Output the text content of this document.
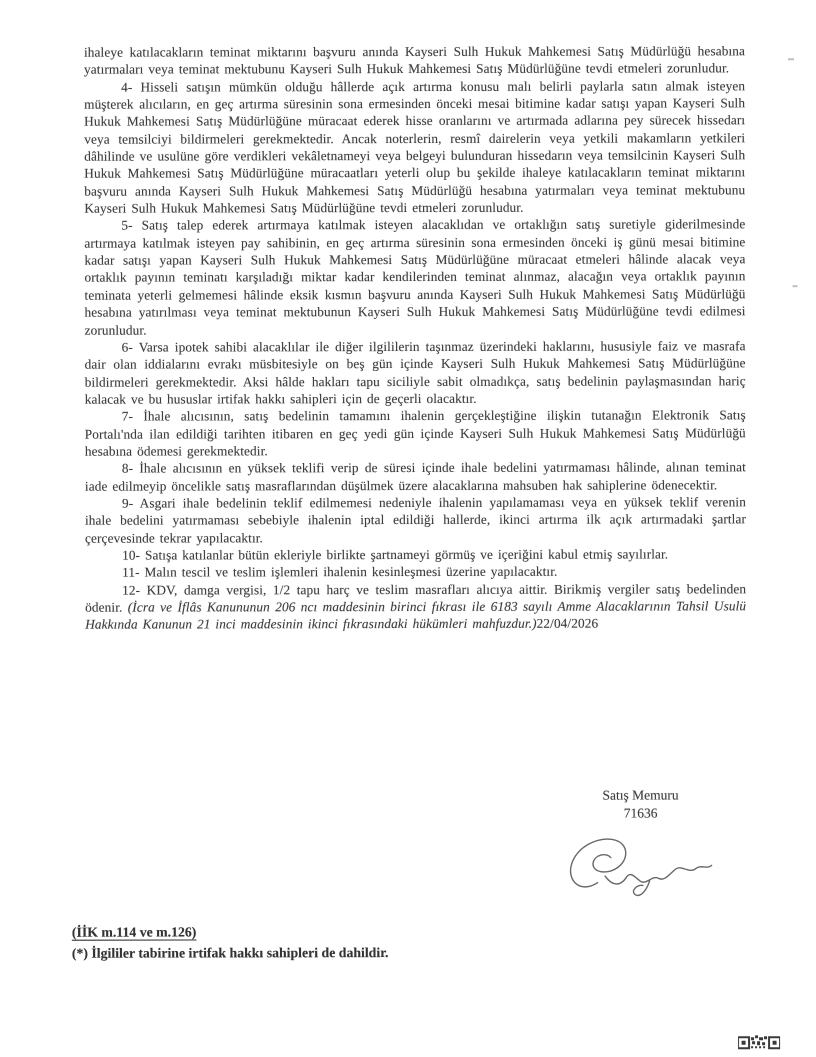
ihaleye katılacakların teminat miktarını başvuru anında Kayseri Sulh Hukuk Mahkemesi Satış Müdürlüğü hesabına yatırmaları veya teminat mektubunu Kayseri Sulh Hukuk Mahkemesi Satış Müdürlüğüne tevdi etmeleri zorunludur.

4- Hisseli satışın mümkün olduğu hâllerde açık artırma konusu malı belirli paylarla satın almak isteyen müşterek alıcıların, en geç artırma süresinin sona ermesinden önceki mesai bitimine kadar satışı yapan Kayseri Sulh Hukuk Mahkemesi Satış Müdürlüğüne müracaat ederek hisse oranlarını ve artırmada adlarına pey sürecek hissedarı veya temsilciyi bildirmeleri gerekmektedir. Ancak noterlerin, resmî dairelerin veya yetkili makamların yetkileri dâhilinde ve usulüne göre verdikleri vekâletnameyi veya belgeyi bulunduran hissedarın veya temsilcinin Kayseri Sulh Hukuk Mahkemesi Satış Müdürlüğüne müracaatları yeterli olup bu şekilde ihaleye katılacakların teminat miktarını başvuru anında Kayseri Sulh Hukuk Mahkemesi Satış Müdürlüğü hesabına yatırmaları veya teminat mektubunu Kayseri Sulh Hukuk Mahkemesi Satış Müdürlüğüne tevdi etmeleri zorunludur.

5- Satış talep ederek artırmaya katılmak isteyen alacaklıdan ve ortaklığın satış suretiyle giderilmesinde artırmaya katılmak isteyen pay sahibinin, en geç artırma süresinin sona ermesinden önceki iş günü mesai bitimine kadar satışı yapan Kayseri Sulh Hukuk Mahkemesi Satış Müdürlüğüne müracaat etmeleri hâlinde alacak veya ortaklık payının teminatı karşıladığı miktar kadar kendilerinden teminat alınmaz, alacağın veya ortaklık payının teminata yeterli gelmemesi hâlinde eksik kısmın başvuru anında Kayseri Sulh Hukuk Mahkemesi Satış Müdürlüğü hesabına yatırılması veya teminat mektubunun Kayseri Sulh Hukuk Mahkemesi Satış Müdürlüğüne tevdi edilmesi zorunludur.

6- Varsa ipotek sahibi alacaklılar ile diğer ilgililerin taşınmaz üzerindeki haklarını, hususiyle faiz ve masrafa dair olan iddialarını evrakı müsbitesiyle on beş gün içinde Kayseri Sulh Hukuk Mahkemesi Satış Müdürlüğüne bildirmeleri gerekmektedir. Aksi hâlde hakları tapu siciliyle sabit olmadıkça, satış bedelinin paylaşmasından hariç kalacak ve bu hususlar irtifak hakkı sahipleri için de geçerli olacaktır.

7- İhale alıcısının, satış bedelinin tamamını ihalenin gerçekleştiğine ilişkin tutanağın Elektronik Satış Portalı'nda ilan edildiği tarihten itibaren en geç yedi gün içinde Kayseri Sulh Hukuk Mahkemesi Satış Müdürlüğü hesabına ödemesi gerekmektedir.

8- İhale alıcısının en yüksek teklifi verip de süresi içinde ihale bedelini yatırmaması hâlinde, alınan teminat iade edilmeyip öncelikle satış masraflarından düşülmek üzere alacaklarına mahsuben hak sahiplerine ödenecektir.

9- Asgari ihale bedelinin teklif edilmemesi nedeniyle ihalenin yapılamaması veya en yüksek teklif verenin ihale bedelini yatırmaması sebebiyle ihalenin iptal edildiği hallerde, ikinci artırma ilk açık artırmadaki şartlar çerçevesinde tekrar yapılacaktır.

10- Satışa katılanlar bütün ekleriyle birlikte şartnameyi görmüş ve içeriğini kabul etmiş sayılırlar.

11- Malın tescil ve teslim işlemleri ihalenin kesinleşmesi üzerine yapılacaktır.

12- KDV, damga vergisi, 1/2 tapu harç ve teslim masrafları alıcıya aittir. Birikmiş vergiler satış bedelinden ödenir. (İcra ve İflâs Kanununun 206 ncı maddesinin birinci fıkrası ile 6183 sayılı Amme Alacaklarının Tahsil Usulü Hakkında Kanunun 21 inci maddesinin ikinci fıkrasındaki hükümleri mahfuzdur.)22/04/2026

Satış Memuru
71636
(İİK m.114 ve m.126)
(*) İlgililer tabirine irtifak hakkı sahipleri de dahildir.
